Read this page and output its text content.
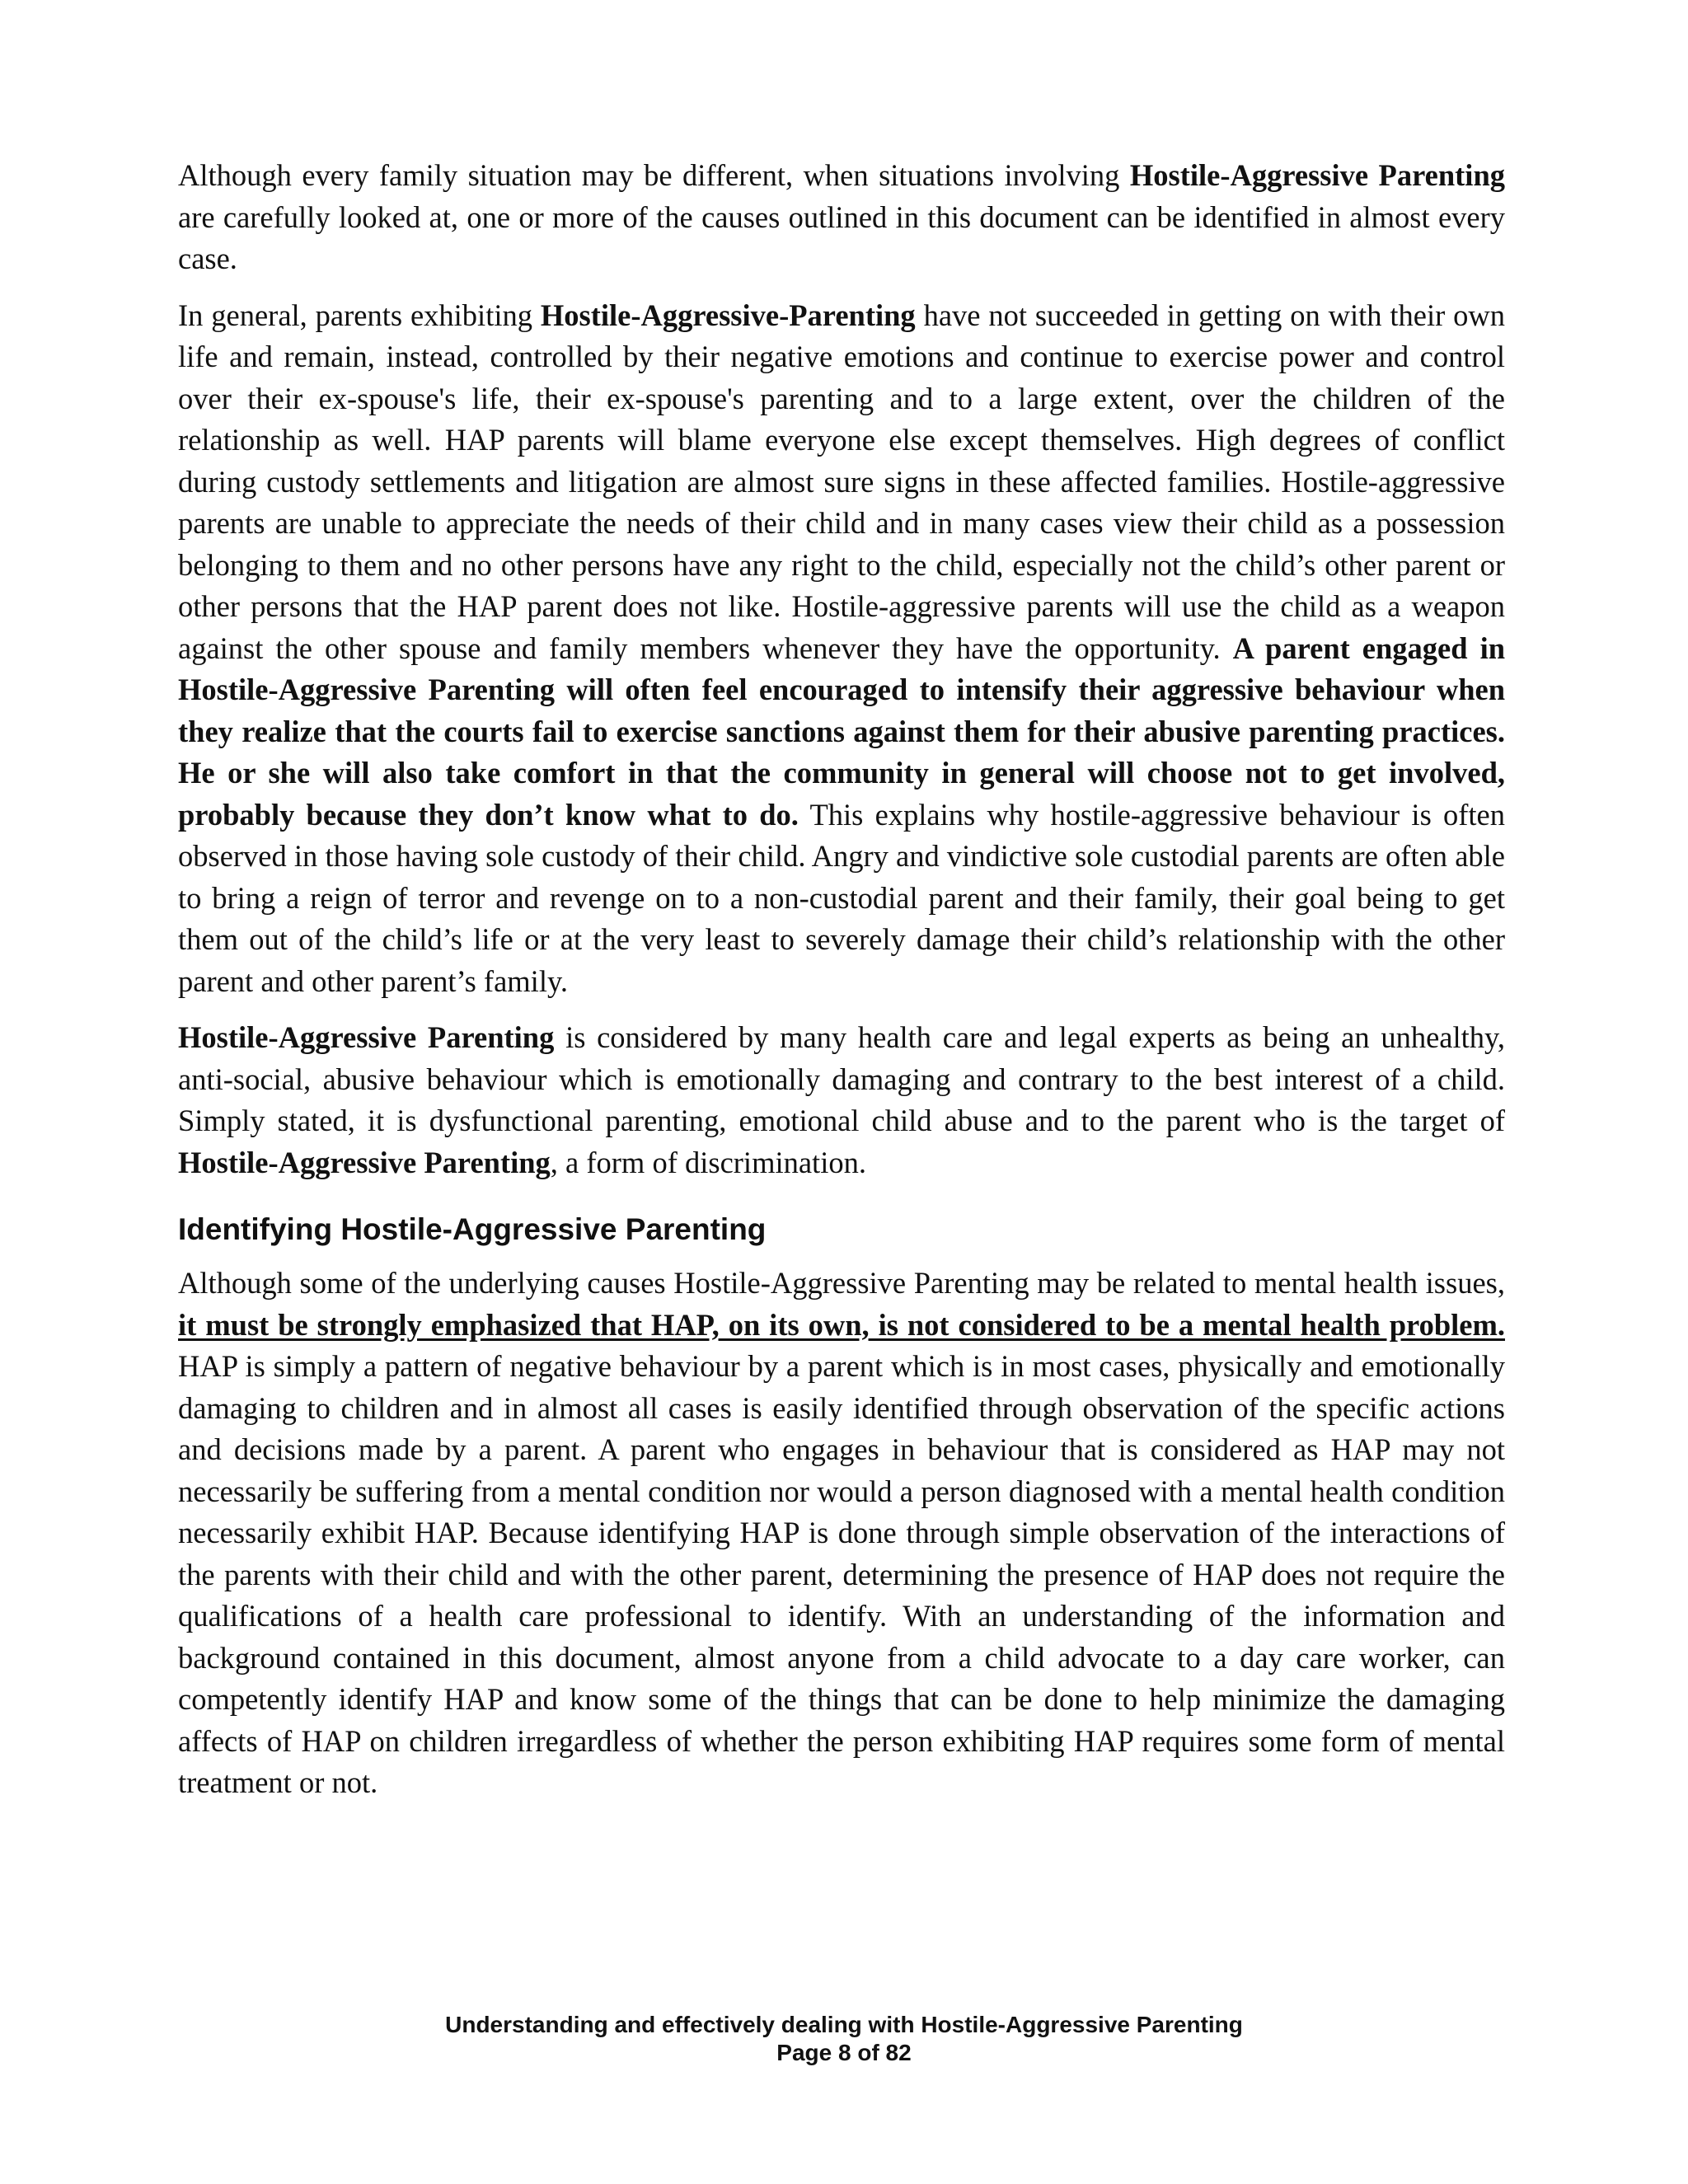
Although every family situation may be different, when situations involving Hostile-Aggressive Parenting are carefully looked at, one or more of the causes outlined in this document can be identified in almost every case.

In general, parents exhibiting Hostile-Aggressive-Parenting have not succeeded in getting on with their own life and remain, instead, controlled by their negative emotions and continue to exercise power and control over their ex-spouse's life, their ex-spouse's parenting and to a large extent, over the children of the relationship as well. HAP parents will blame everyone else except themselves. High degrees of conflict during custody settlements and litigation are almost sure signs in these affected families. Hostile-aggressive parents are unable to appreciate the needs of their child and in many cases view their child as a possession belonging to them and no other persons have any right to the child, especially not the child’s other parent or other persons that the HAP parent does not like. Hostile-aggressive parents will use the child as a weapon against the other spouse and family members whenever they have the opportunity. A parent engaged in Hostile-Aggressive Parenting will often feel encouraged to intensify their aggressive behaviour when they realize that the courts fail to exercise sanctions against them for their abusive parenting practices. He or she will also take comfort in that the community in general will choose not to get involved, probably because they don’t know what to do. This explains why hostile-aggressive behaviour is often observed in those having sole custody of their child. Angry and vindictive sole custodial parents are often able to bring a reign of terror and revenge on to a non-custodial parent and their family, their goal being to get them out of the child’s life or at the very least to severely damage their child’s relationship with the other parent and other parent’s family.

Hostile-Aggressive Parenting is considered by many health care and legal experts as being an unhealthy, anti-social, abusive behaviour which is emotionally damaging and contrary to the best interest of a child. Simply stated, it is dysfunctional parenting, emotional child abuse and to the parent who is the target of Hostile-Aggressive Parenting, a form of discrimination.

Identifying Hostile-Aggressive Parenting

Although some of the underlying causes Hostile-Aggressive Parenting may be related to mental health issues, it must be strongly emphasized that HAP, on its own, is not considered to be a mental health problem. HAP is simply a pattern of negative behaviour by a parent which is in most cases, physically and emotionally damaging to children and in almost all cases is easily identified through observation of the specific actions and decisions made by a parent. A parent who engages in behaviour that is considered as HAP may not necessarily be suffering from a mental condition nor would a person diagnosed with a mental health condition necessarily exhibit HAP. Because identifying HAP is done through simple observation of the interactions of the parents with their child and with the other parent, determining the presence of HAP does not require the qualifications of a health care professional to identify. With an understanding of the information and background contained in this document, almost anyone from a child advocate to a day care worker, can competently identify HAP and know some of the things that can be done to help minimize the damaging affects of HAP on children irregardless of whether the person exhibiting HAP requires some form of mental treatment or not.

Understanding and effectively dealing with Hostile-Aggressive Parenting
Page 8 of 82
